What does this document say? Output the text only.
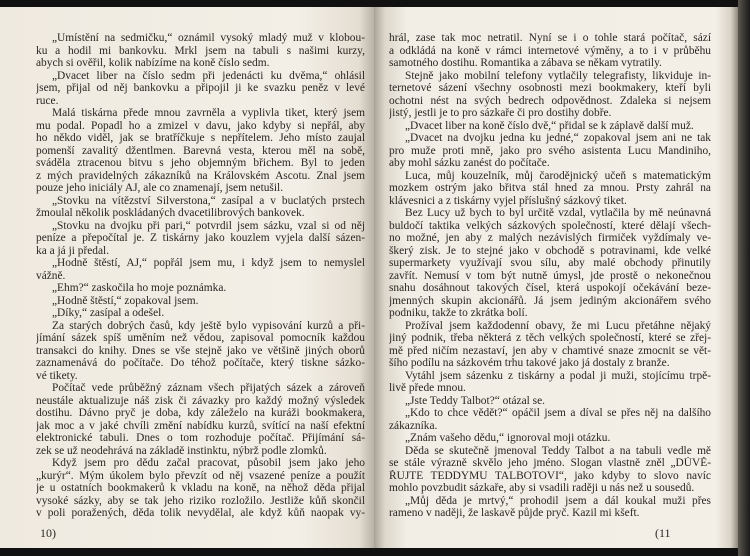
„Umístění na sedmičku,“ oznámil vysoký mladý muž v klobou-
ku a hodil mi bankovku. Mrkl jsem na tabuli s našimi kurzy,
abych si ověřil, kolik nabízíme na koně číslo sedm.
„Dvacet liber na číslo sedm při jedenácti ku dvěma,“ ohlásil
jsem, přijal od něj bankovku a připojil ji ke svazku peněz v levé
ruce.
Malá tiskárna přede mnou zavrněla a vyplivla tiket, který jsem
mu podal. Popadl ho a zmizel v davu, jako kdyby si nepřál, aby
ho někdo viděl, jak se bratříčkuje s nepřítelem. Jeho místo zaujal
pomenší zavalitý džentlmen. Barevná vesta, kterou měl na sobě,
sváděla ztracenou bitvu s jeho objemným břichem. Byl to jeden
z mých pravidelných zákazníků na Královském Ascotu. Znal jsem
pouze jeho iniciály AJ, ale co znamenají, jsem netušil.
„Stovku na vítězství Silverstona,“ zasípal a v buclatých prstech
žmoulal několik poskládaných dvacetilibrových bankovek.
„Stovku na dvojku při pari,“ potvrdil jsem sázku, vzal si od něj
peníze a přepočítal je. Z tiskárny jako kouzlem vyjela další sázen-
ka a já ji předal.
„Hodně štěstí, AJ,“ popřál jsem mu, i když jsem to nemyslel
vážně.
„Ehm?“ zaskočila ho moje poznámka.
„Hodně štěstí,“ zopakoval jsem.
„Díky,“ zasípal a odešel.
Za starých dobrých časů, kdy ještě bylo vypisování kurzů a při-
jímání sázek spíš uměním než vědou, zapisoval pomocník každou
transakci do knihy. Dnes se vše stejně jako ve většině jiných oborů
zaznamenává do počítače. Do téhož počítače, který tiskne sázko-
vé tikety.
Počítač vede průběžný záznam všech přijatých sázek a zároveň
neustále aktualizuje náš zisk či závazky pro každý možný výsledek
dostihu. Dávno pryč je doba, kdy záleželo na kuráži bookmakera,
jak moc a v jaké chvíli změní nabídku kurzů, svítící na naší efektní
elektronické tabuli. Dnes o tom rozhoduje počítač. Přijímání sá-
zek se už neodehrává na základě instinktu, nýbrž podle zlomků.
Když jsem pro dědu začal pracovat, působil jsem jako jeho
„kurýr“. Mým úkolem bylo převzít od něj vsazené peníze a použít
je u ostatních bookmakerů k vkladu na koně, na něhož děda přijal
vysoké sázky, aby se tak jeho riziko rozložilo. Jestliže kůň skončil
v poli poražených, děda tolik nevydělal, ale když kůň naopak vy-
10)
hrál, zase tak moc netratil. Nyní se i o tohle stará počítač, sází
a odkládá na koně v rámci internetové výměny, a to i v průběhu
samotného dostihu. Romantika a zábava se někam vytratily.
Stejně jako mobilní telefony vytlačily telegrafisty, likviduje in-
ternetové sázení všechny osobnosti mezi bookmakery, kteří byli
ochotni nést na svých bedrech odpovědnost. Zdaleka si nejsem
jistý, jestli je to pro sázkaře či pro dostihy dobře.
„Dvacet liber na koně číslo dvě,“ přidal se k záplavě další muž.
„Dvacet na dvojku jedna ku jedné,“ zopakoval jsem ani ne tak
pro muže proti mně, jako pro svého asistenta Lucu Mandiniho,
aby mohl sázku zanést do počítače.
Luca, můj kouzelník, můj čarodějnický učeň s matematickým
mozkem ostrým jako břitva stál hned za mnou. Prsty zahrál na
klávesnici a z tiskárny vyjel příslušný sázkový tiket.
Bez Lucy už bych to byl určitě vzdal, vytlačila by mě neúnavná
buldočí taktika velkých sázkových společností, které dělají všech-
no možné, jen aby z malých nezávislých firmiček vyždímaly ve-
škerý zisk. Je to stejné jako v obchodě s potravinami, kde velké
supermarkety využívají svou sílu, aby malé obchody přinutily
zavřít. Nemusí v tom být nutně úmysl, jde prostě o nekonečnou
snahu dosáhnout takových čísel, která uspokojí očekávání beze-
jmenných skupin akcionářů. Já jsem jediným akcionářem svého
podniku, takže to zkrátka bolí.
Prožíval jsem každodenní obavy, že mi Lucu přetáhne nějaký
jiný podnik, třeba některá z těch velkých společností, které se zřej-
mě před ničím nezastaví, jen aby v chamtivé snaze zmocnit se vět-
šího podílu na sázkovém trhu takové jako já dostaly z branže.
Vytáhl jsem sázenku z tiskárny a podal ji muži, stojícímu trpě-
livě přede mnou.
„Jste Teddy Talbot?“ otázal se.
„Kdo to chce vědět?“ opáčil jsem a díval se přes něj na dalšího
zákazníka.
„Znám vašeho dědu,“ ignoroval moji otázku.
Děda se skutečně jmenoval Teddy Talbot a na tabuli vedle mě
se stále výrazně skvělo jeho jméno. Slogan vlastně zněl „DŮVĚ-
ŘUJTE TEDDYMU TALBOTOVI“, jako kdyby to slovo navíc
mohlo povzbudit sázkaře, aby si vsadili raději u nás než u sousedů.
„Můj děda je mrtvý,“ prohodil jsem a dál koukal muži přes
rameno v naději, že laskavě půjde pryč. Kazil mi kšeft.
(11
